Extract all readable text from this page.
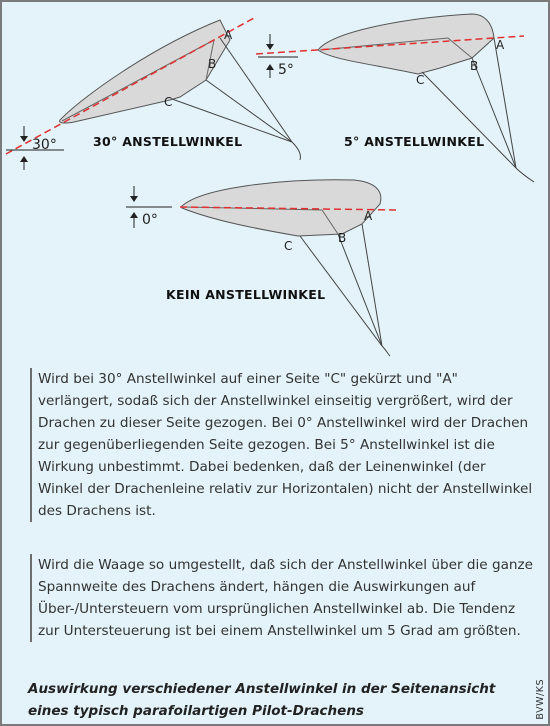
A
B
C
30°	30° ANSTELLWINKEL
A
B
C
5°
5° ANSTELLWINKEL
A
B
C
0°
KEIN ANSTELLWINKEL

Wird bei 30° Anstellwinkel auf einer Seite "C" gekürzt und "A" verlängert, sodaß sich der Anstellwinkel einseitig vergrößert, wird der Drachen zu dieser Seite gezogen. Bei 0° Anstellwinkel wird der Drachen zur gegenüberliegenden Seite gezogen. Bei 5° Anstellwinkel ist die Wirkung unbestimmt. Dabei bedenken, daß der Leinenwinkel (der Winkel der Drachenleine relativ zur Horizontalen) nicht der Anstellwinkel des Drachens ist.

Wird die Waage so umgestellt, daß sich der Anstellwinkel über die ganze Spannweite des Drachens ändert, hängen die Auswirkungen auf Über-/Untersteuern vom ursprünglichen Anstellwinkel ab. Die Tendenz zur Untersteuerung ist bei einem Anstellwinkel um 5 Grad am größten.

Auswirkung verschiedener Anstellwinkel in der Seitenansicht
eines typisch parafoilartigen Pilot-Drachens	BVW/KS
